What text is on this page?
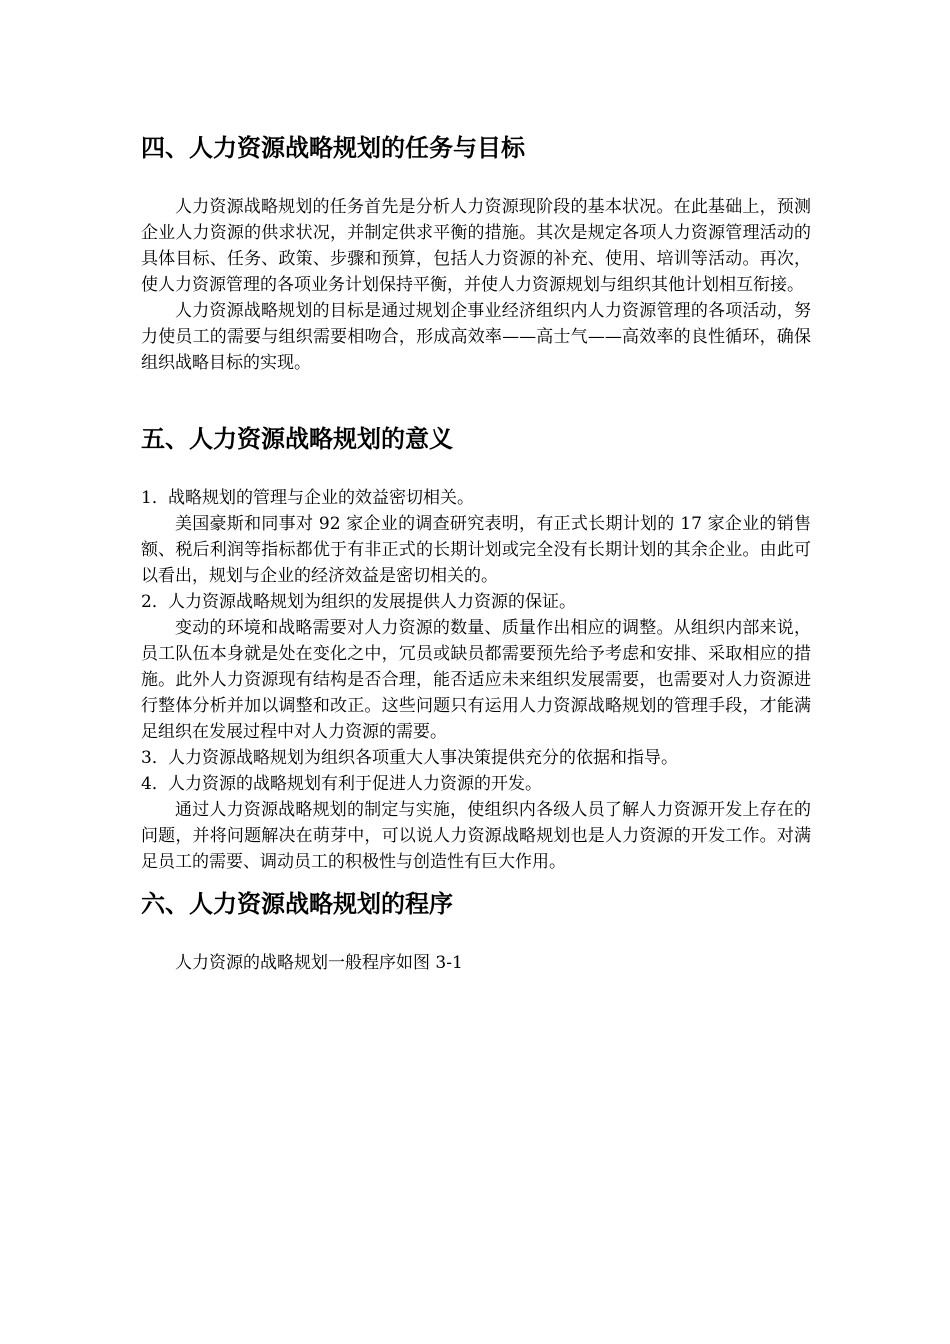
四、人力资源战略规划的任务与目标

人力资源战略规划的任务首先是分析人力资源现阶段的基本状况。在此基础上，预测企业人力资源的供求状况，并制定供求平衡的措施。其次是规定各项人力资源管理活动的具体目标、任务、政策、步骤和预算，包括人力资源的补充、使用、培训等活动。再次，使人力资源管理的各项业务计划保持平衡，并使人力资源规划与组织其他计划相互衔接。

人力资源战略规划的目标是通过规划企事业经济组织内人力资源管理的各项活动，努力使员工的需要与组织需要相吻合，形成高效率——高士气——高效率的良性循环，确保组织战略目标的实现。

五、人力资源战略规划的意义

1．战略规划的管理与企业的效益密切相关。

美国豪斯和同事对 92 家企业的调查研究表明，有正式长期计划的 17 家企业的销售额、税后利润等指标都优于有非正式的长期计划或完全没有长期计划的其余企业。由此可以看出，规划与企业的经济效益是密切相关的。

2．人力资源战略规划为组织的发展提供人力资源的保证。

变动的环境和战略需要对人力资源的数量、质量作出相应的调整。从组织内部来说，员工队伍本身就是处在变化之中，冗员或缺员都需要预先给予考虑和安排、采取相应的措施。此外人力资源现有结构是否合理，能否适应未来组织发展需要，也需要对人力资源进行整体分析并加以调整和改正。这些问题只有运用人力资源战略规划的管理手段，才能满足组织在发展过程中对人力资源的需要。

3．人力资源战略规划为组织各项重大人事决策提供充分的依据和指导。

4．人力资源的战略规划有利于促进人力资源的开发。

通过人力资源战略规划的制定与实施，使组织内各级人员了解人力资源开发上存在的问题，并将问题解决在萌芽中，可以说人力资源战略规划也是人力资源的开发工作。对满足员工的需要、调动员工的积极性与创造性有巨大作用。

六、人力资源战略规划的程序

人力资源的战略规划一般程序如图 3-1
